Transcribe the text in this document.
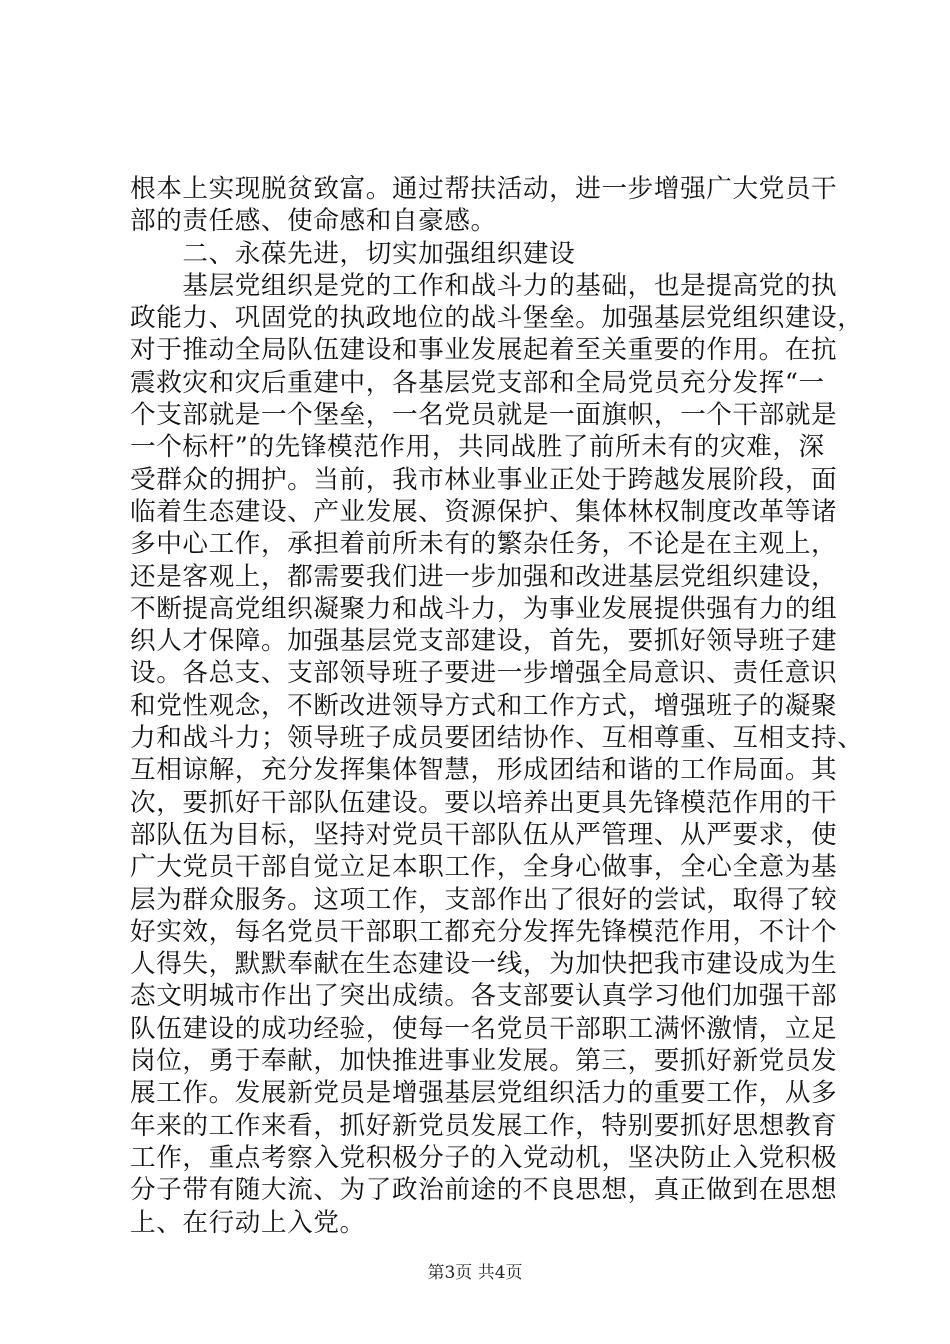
根本上实现脱贫致富。通过帮扶活动，进一步增强广大党员干
部的责任感、使命感和自豪感。
　　二、永葆先进，切实加强组织建设
　　基层党组织是党的工作和战斗力的基础，也是提高党的执
政能力、巩固党的执政地位的战斗堡垒。加强基层党组织建设，
对于推动全局队伍建设和事业发展起着至关重要的作用。在抗
震救灾和灾后重建中，各基层党支部和全局党员充分发挥“一
个支部就是一个堡垒，一名党员就是一面旗帜，一个干部就是
一个标杆”的先锋模范作用，共同战胜了前所未有的灾难，深
受群众的拥护。当前，我市林业事业正处于跨越发展阶段，面
临着生态建设、产业发展、资源保护、集体林权制度改革等诸
多中心工作，承担着前所未有的繁杂任务，不论是在主观上，
还是客观上，都需要我们进一步加强和改进基层党组织建设，
不断提高党组织凝聚力和战斗力，为事业发展提供强有力的组
织人才保障。加强基层党支部建设，首先，要抓好领导班子建
设。各总支、支部领导班子要进一步增强全局意识、责任意识
和党性观念，不断改进领导方式和工作方式，增强班子的凝聚
力和战斗力；领导班子成员要团结协作、互相尊重、互相支持、
互相谅解，充分发挥集体智慧，形成团结和谐的工作局面。其
次，要抓好干部队伍建设。要以培养出更具先锋模范作用的干
部队伍为目标，坚持对党员干部队伍从严管理、从严要求，使
广大党员干部自觉立足本职工作，全身心做事，全心全意为基
层为群众服务。这项工作，支部作出了很好的尝试，取得了较
好实效，每名党员干部职工都充分发挥先锋模范作用，不计个
人得失，默默奉献在生态建设一线，为加快把我市建设成为生
态文明城市作出了突出成绩。各支部要认真学习他们加强干部
队伍建设的成功经验，使每一名党员干部职工满怀激情，立足
岗位，勇于奉献，加快推进事业发展。第三，要抓好新党员发
展工作。发展新党员是增强基层党组织活力的重要工作，从多
年来的工作来看，抓好新党员发展工作，特别要抓好思想教育
工作，重点考察入党积极分子的入党动机，坚决防止入党积极
分子带有随大流、为了政治前途的不良思想，真正做到在思想
上、在行动上入党。
第3页 共4页
